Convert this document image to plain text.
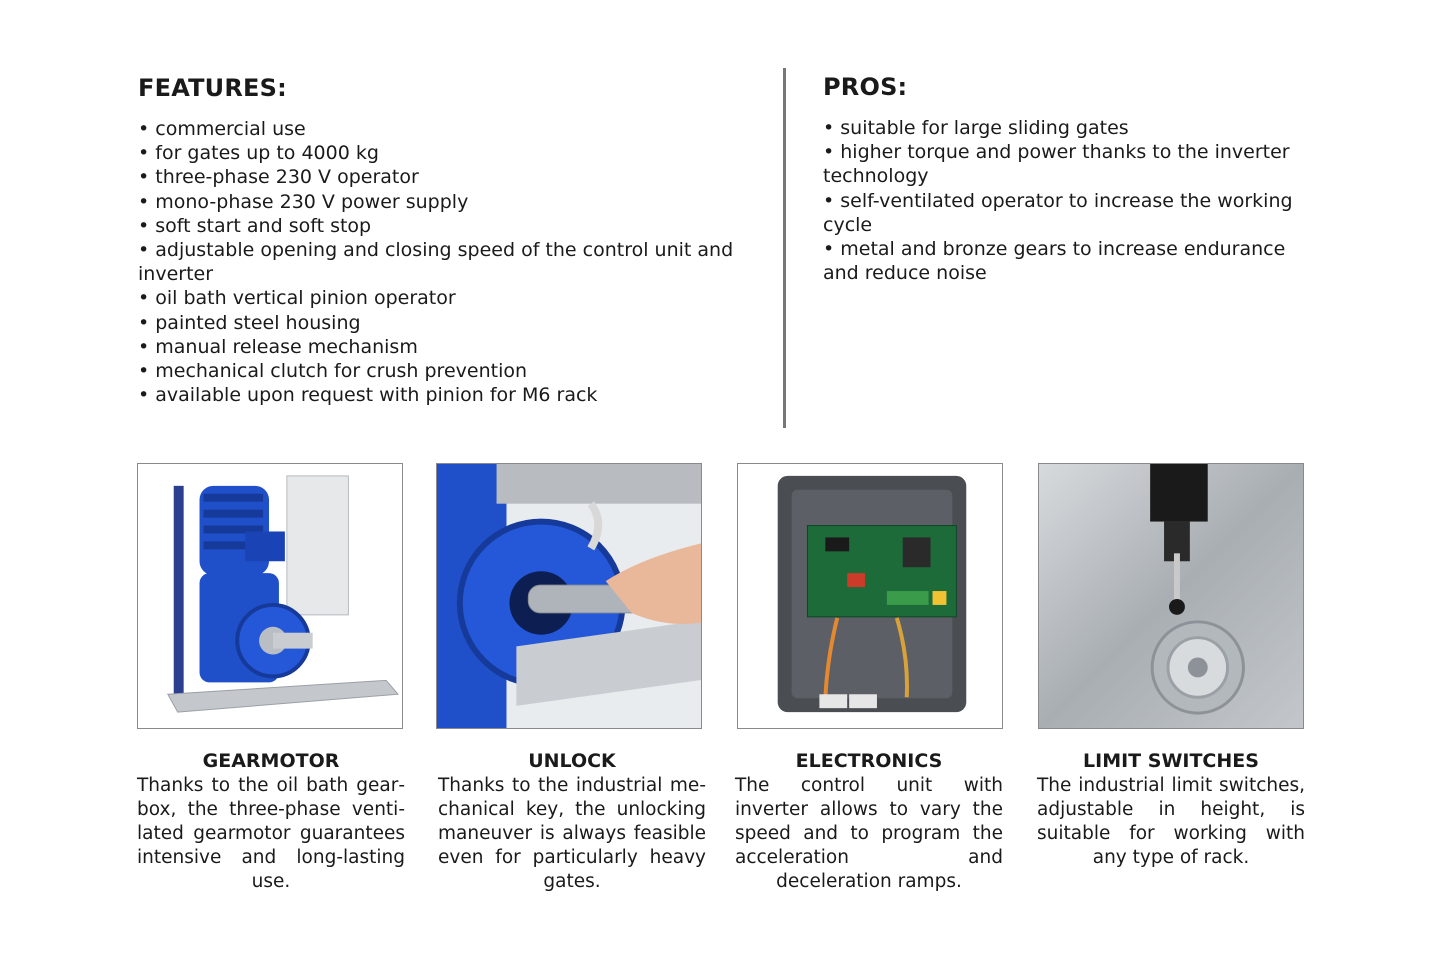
FEATURES:
• commercial use
• for gates up to 4000 kg
• three-phase 230 V operator
• mono-phase 230 V power supply
• soft start and soft stop
• adjustable opening and closing speed of the control unit and inverter
• oil bath vertical pinion operator
• painted steel housing
• manual release mechanism
• mechanical clutch for crush prevention
• available upon request with pinion for M6 rack
PROS:
• suitable for large sliding gates
• higher torque and power thanks to the inverter technology
• self-ventilated operator to increase the working cycle
• metal and bronze gears to increase endurance and reduce noise

GEARMOTOR

Thanks to the oil bath gearbox, the three-phase ventilated gearmotor guarantees intensive and long-lasting use.

UNLOCK

Thanks to the industrial mechanical key, the unlocking maneuver is always feasible even for particularly heavy gates.

ELECTRONICS

The control unit with inverter allows to vary the speed and to program the acceleration and deceleration ramps.

LIMIT SWITCHES

The industrial limit switches, adjustable in height, is suitable for working with any type of rack.
